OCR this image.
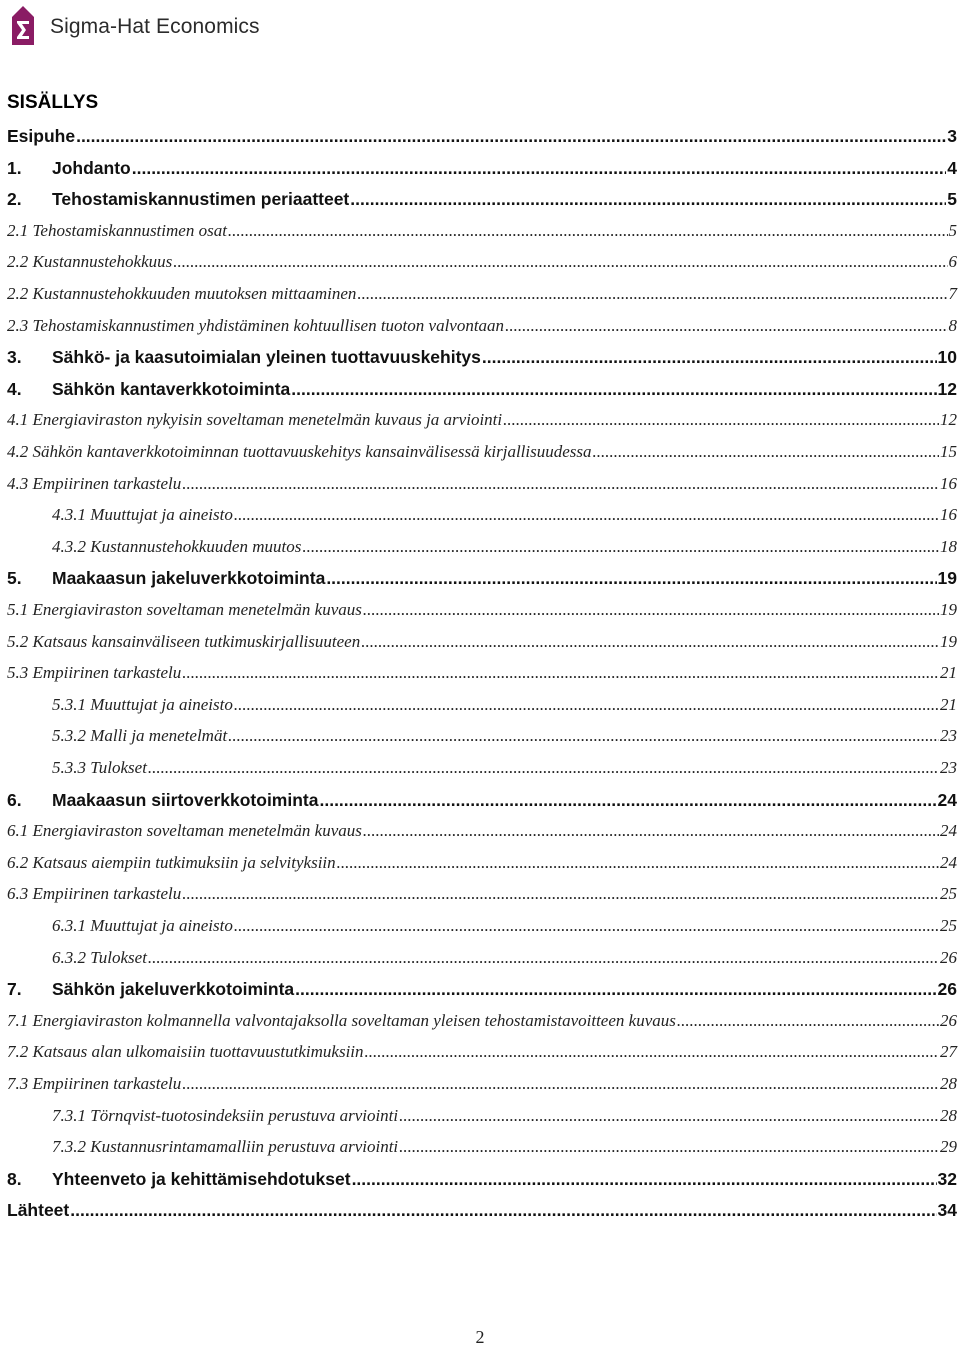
Sigma-Hat Economics
SISÄLLYS
Esipuhe .....	3
1.	Johdanto .....	4
2.	Tehostamiskannustimen periaatteet .....	5
2.1 Tehostamiskannustimen osat .....	5
2.2 Kustannustehokkuus .....	6
2.2 Kustannustehokkuuden muutoksen mittaaminen .....	7
2.3 Tehostamiskannustimen yhdistäminen kohtuullisen tuoton valvontaan .....	8
3.	Sähkö- ja kaasutoimialan yleinen tuottavuuskehitys .....	10
4.	Sähkön kantaverkkotoiminta .....	12
4.1 Energiaviraston nykyisin soveltaman menetelmän kuvaus ja arviointi .....	12
4.2 Sähkön kantaverkkotoiminnan tuottavuuskehitys kansainvälisessä kirjallisuudessa .....	15
4.3 Empiirinen tarkastelu .....	16
4.3.1 Muuttujat ja aineisto .....	16
4.3.2 Kustannustehokkuuden muutos .....	18
5.	Maakaasun jakeluverkkotoiminta .....	19
5.1 Energiaviraston soveltaman menetelmän kuvaus .....	19
5.2 Katsaus kansainväliseen tutkimuskirjallisuuteen .....	19
5.3 Empiirinen tarkastelu .....	21
5.3.1 Muuttujat ja aineisto .....	21
5.3.2 Malli ja menetelmät .....	23
5.3.3 Tulokset .....	23
6.	Maakaasun siirtoverkkotoiminta .....	24
6.1 Energiaviraston soveltaman menetelmän kuvaus .....	24
6.2 Katsaus aiempiin tutkimuksiin ja selvityksiin .....	24
6.3 Empiirinen tarkastelu .....	25
6.3.1 Muuttujat ja aineisto .....	25
6.3.2 Tulokset .....	26
7.	Sähkön jakeluverkkotoiminta .....	26
7.1 Energiaviraston kolmannella valvontajaksolla soveltaman yleisen tehostamistavoitteen kuvaus .....	26
7.2 Katsaus alan ulkomaisiin tuottavuustutkimuksiin .....	27
7.3 Empiirinen tarkastelu .....	28
7.3.1 Törnqvist-tuotosindeksiin perustuva arviointi .....	28
7.3.2 Kustannusrintamamalliin perustuva arviointi .....	29
8.	Yhteenveto ja kehittämisehdotukset .....	32
Lähteet .....	34
2
